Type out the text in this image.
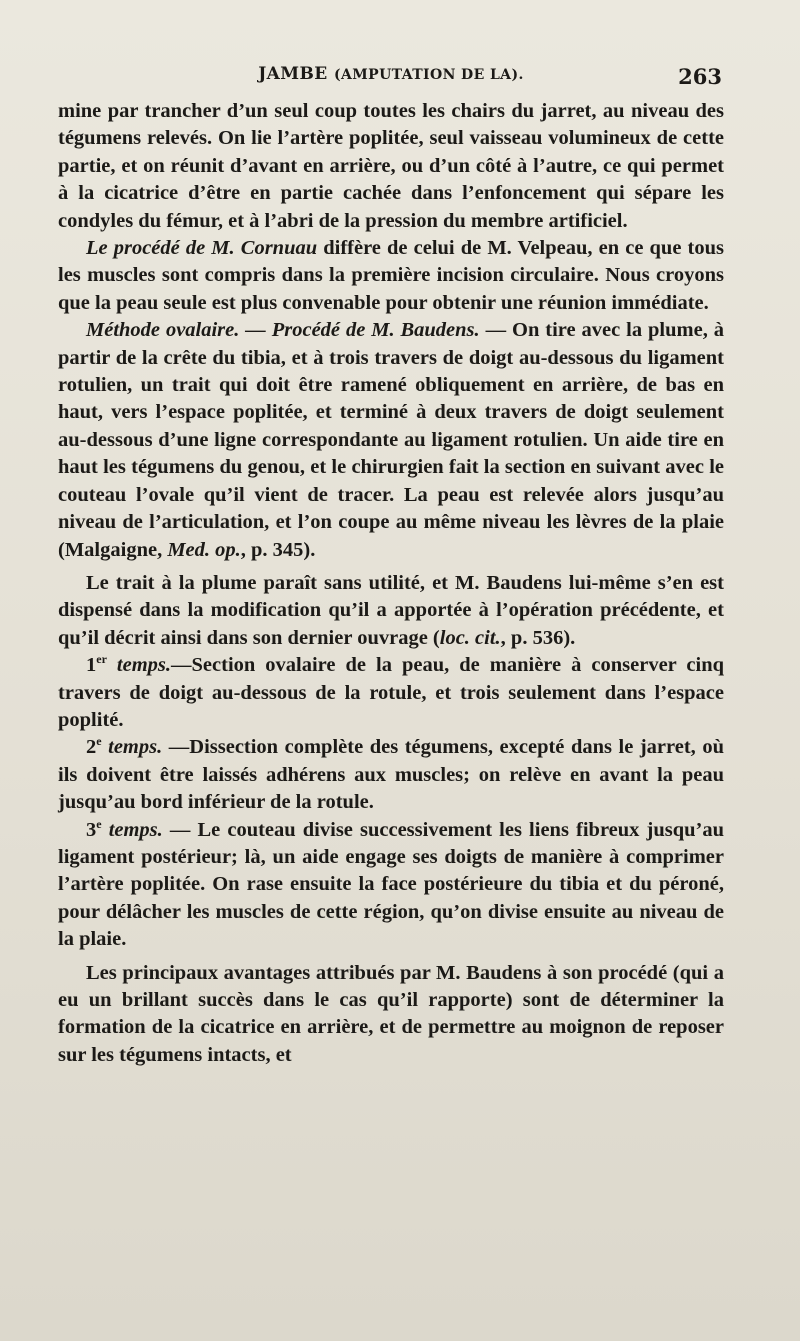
JAMBE (AMPUTATION DE LA).	263

mine par trancher d’un seul coup toutes les chairs du jarret, au niveau des tégumens relevés. On lie l’artère poplitée, seul vaisseau volumineux de cette partie, et on réunit d’avant en arrière, ou d’un côté à l’autre, ce qui permet à la cicatrice d’être en partie cachée dans l’enfoncement qui sépare les condyles du fémur, et à l’abri de la pression du membre artificiel.

Le procédé de M. Cornuau diffère de celui de M. Velpeau, en ce que tous les muscles sont compris dans la première incision circulaire. Nous croyons que la peau seule est plus convenable pour obtenir une réunion immédiate.

Méthode ovalaire. — Procédé de M. Baudens. — On tire avec la plume, à partir de la crête du tibia, et à trois travers de doigt au-dessous du ligament rotulien, un trait qui doit être ramené obliquement en arrière, de bas en haut, vers l’espace poplitée, et terminé à deux travers de doigt seulement au-dessous d’une ligne correspondante au ligament rotulien. Un aide tire en haut les tégumens du genou, et le chirurgien fait la section en suivant avec le couteau l’ovale qu’il vient de tracer. La peau est relevée alors jusqu’au niveau de l’articulation, et l’on coupe au même niveau les lèvres de la plaie (Malgaigne, Med. op., p. 345).

Le trait à la plume paraît sans utilité, et M. Baudens lui-même s’en est dispensé dans la modification qu’il a apportée à l’opération précédente, et qu’il décrit ainsi dans son dernier ouvrage (loc. cit., p. 536).

1er temps.—Section ovalaire de la peau, de manière à conserver cinq travers de doigt au-dessous de la rotule, et trois seulement dans l’espace poplité.

2e temps. —Dissection complète des tégumens, excepté dans le jarret, où ils doivent être laissés adhérens aux muscles; on relève en avant la peau jusqu’au bord inférieur de la rotule.

3e temps. — Le couteau divise successivement les liens fibreux jusqu’au ligament postérieur; là, un aide engage ses doigts de manière à comprimer l’artère poplitée. On rase ensuite la face postérieure du tibia et du péroné, pour délâcher les muscles de cette région, qu’on divise ensuite au niveau de la plaie.

Les principaux avantages attribués par M. Baudens à son procédé (qui a eu un brillant succès dans le cas qu’il rapporte) sont de déterminer la formation de la cicatrice en arrière, et de permettre au moignon de reposer sur les tégumens intacts, et
